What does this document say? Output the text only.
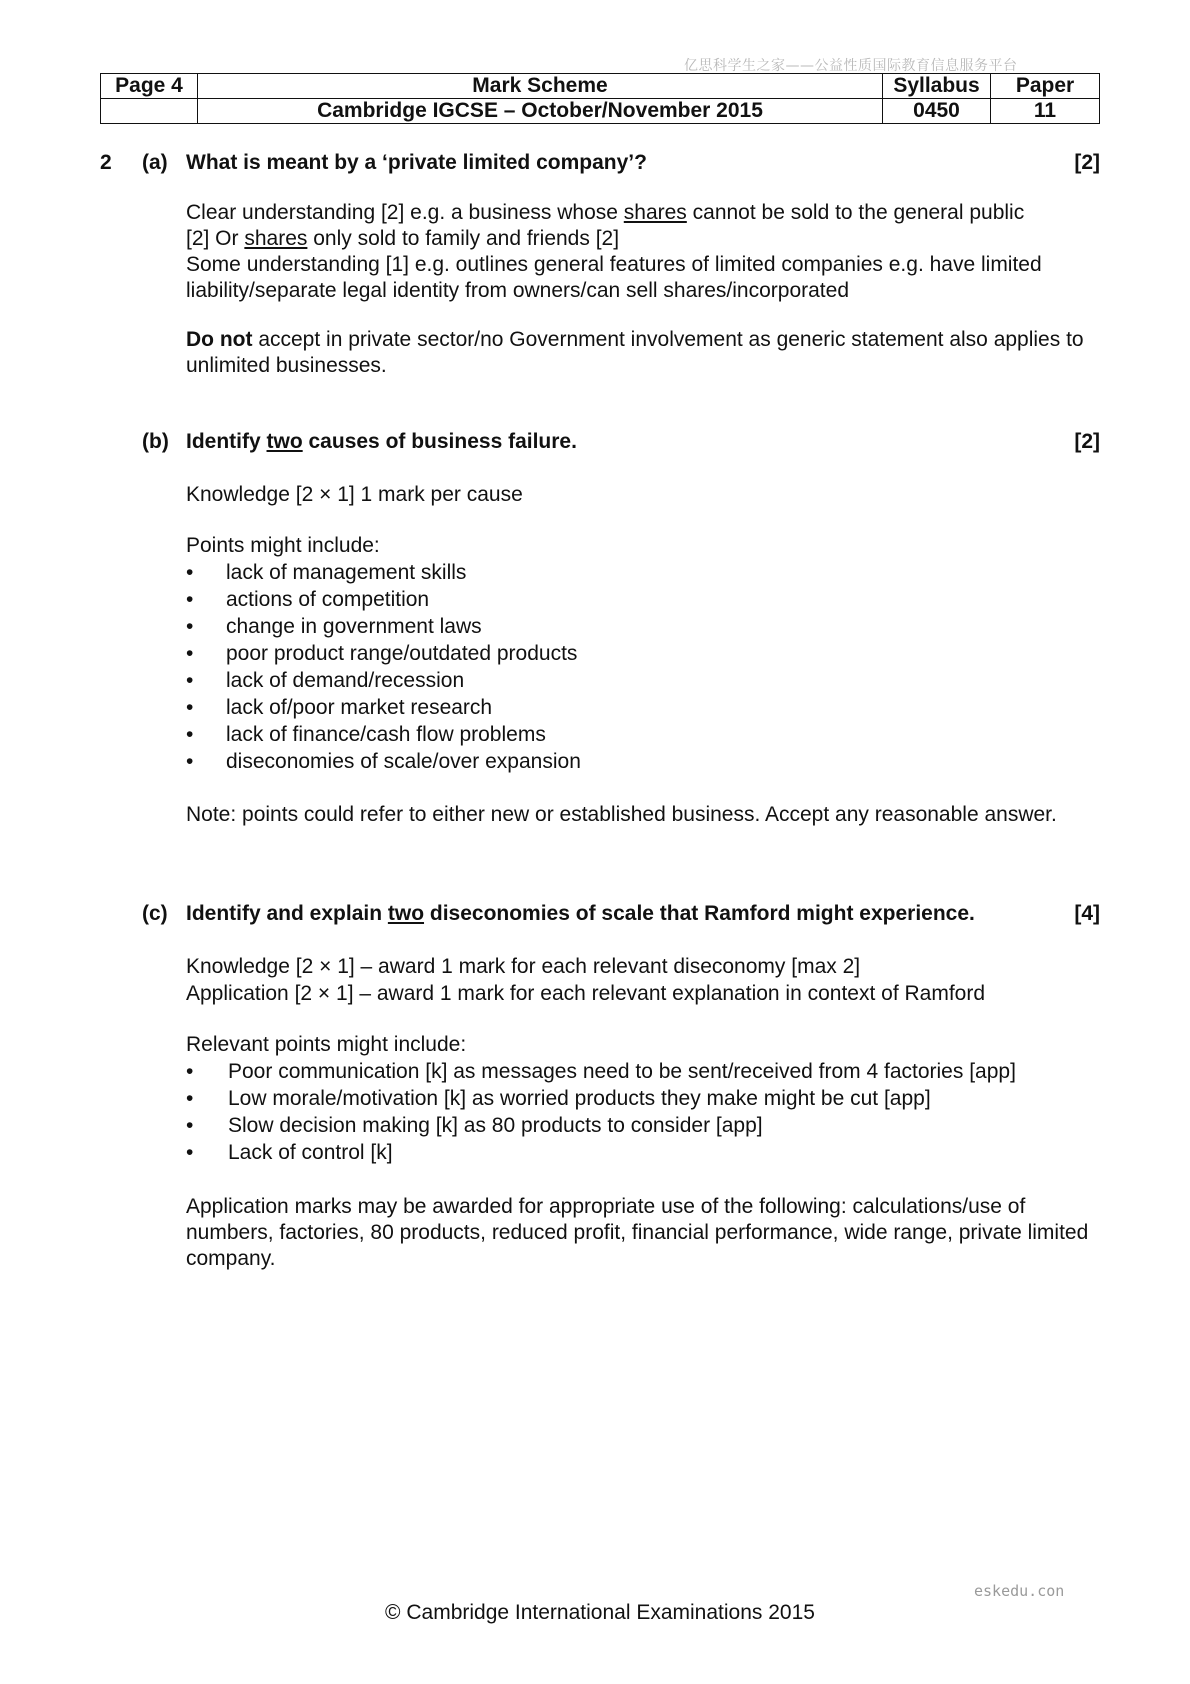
亿思科学生之家——公益性质国际教育信息服务平台
Page 4	Mark Scheme	Syllabus	Paper
	Cambridge IGCSE – October/November 2015	0450	11
2 (a) What is meant by a ‘private limited company’?	[2]
Clear understanding [2] e.g. a business whose shares cannot be sold to the general public
[2] Or shares only sold to family and friends [2]
Some understanding [1] e.g. outlines general features of limited companies e.g. have limited liability/separate legal identity from owners/can sell shares/incorporated
Do not accept in private sector/no Government involvement as generic statement also applies to unlimited businesses.
(b) Identify two causes of business failure.	[2]
Knowledge [2 × 1] 1 mark per cause
Points might include:
• lack of management skills
• actions of competition
• change in government laws
• poor product range/outdated products
• lack of demand/recession
• lack of/poor market research
• lack of finance/cash flow problems
• diseconomies of scale/over expansion
Note: points could refer to either new or established business. Accept any reasonable answer.
(c) Identify and explain two diseconomies of scale that Ramford might experience.	[4]
Knowledge [2 × 1] – award 1 mark for each relevant diseconomy [max 2]
Application [2 × 1] – award 1 mark for each relevant explanation in context of Ramford
Relevant points might include:
• Poor communication [k] as messages need to be sent/received from 4 factories [app]
• Low morale/motivation [k] as worried products they make might be cut [app]
• Slow decision making [k] as 80 products to consider [app]
• Lack of control [k]
Application marks may be awarded for appropriate use of the following: calculations/use of numbers, factories, 80 products, reduced profit, financial performance, wide range, private limited company.
eskedu.con
© Cambridge International Examinations 2015
